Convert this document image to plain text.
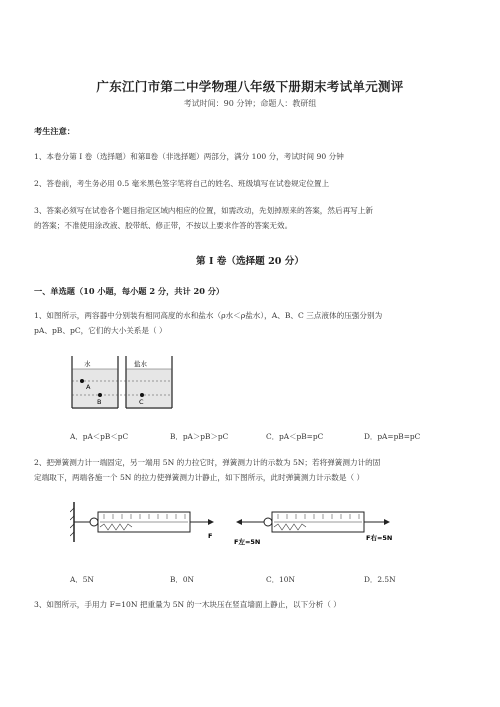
广东江门市第二中学物理八年级下册期末考试单元测评
考试时间：90 分钟；命题人：教研组
考生注意：
1、本卷分第 I 卷（选择题）和第Ⅱ卷（非选择题）两部分，满分 100 分，考试时间 90 分钟
2、答卷前，考生务必用 0.5 毫米黑色签字笔将自己的姓名、班级填写在试卷规定位置上
3、答案必须写在试卷各个题目指定区域内相应的位置，如需改动，先划掉原来的答案，然后再写上新
的答案；不准使用涂改液、胶带纸、修正带，不按以上要求作答的答案无效。
第 I 卷（选择题 20 分）
一、单选题（10 小题，每小题 2 分，共计 20 分）
1、如图所示，两容器中分别装有相同高度的水和盐水（ρ水＜ρ盐水），A、B、C 三点液体的压强分别为
pA、pB、pC，它们的大小关系是（ ）
水	盐水
A
B	C
A．pA＜pB＜pC	B．pA＞pB＞pC	C．pA＜pB=pC	D．pA=pB=pC
2、把弹簧测力计一端固定，另一端用 5N 的力拉它时，弹簧测力计的示数为 5N；若将弹簧测力计的固
定端取下，两端各施一个 5N 的拉力使弹簧测力计静止，如下图所示，此时弹簧测力计示数是（ ）
F
F左=5N	F右=5N
A．5N	B．0N	C．10N	D．2.5N
3、如图所示，手用力 F=10N 把重量为 5N 的一木块压在竖直墙面上静止，以下分析（ ）
